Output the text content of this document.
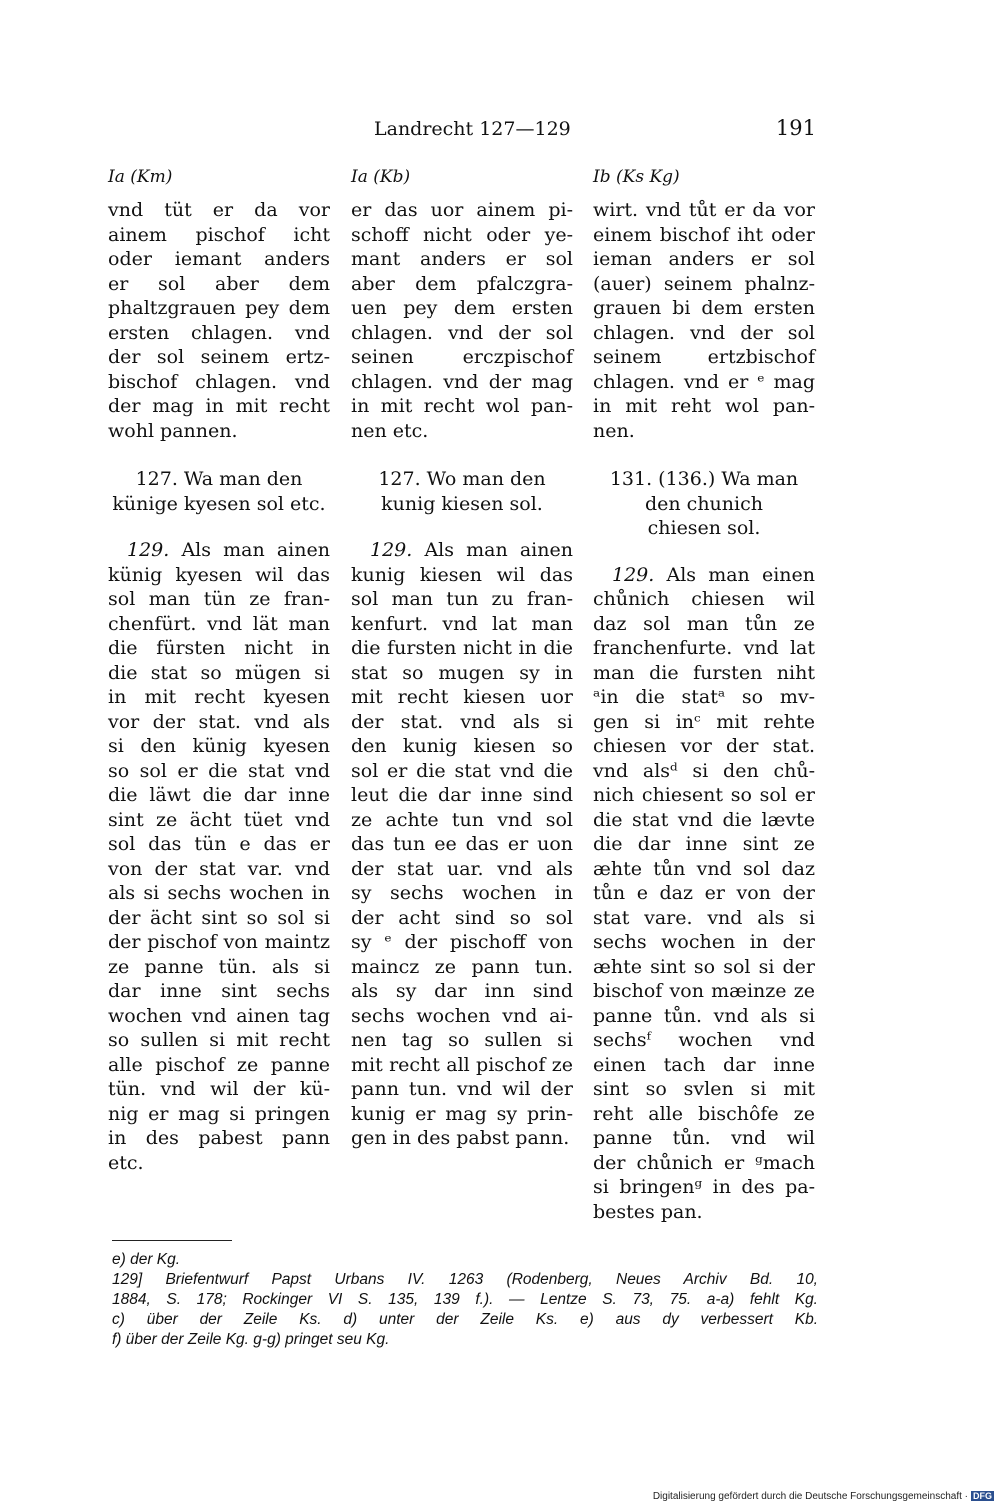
Landrecht 127—129	191
Ia (Km)
vnd tüt er da vor
ainem pischof icht
oder iemant anders
er sol aber dem
phaltzgrauen pey dem
ersten chlagen. vnd
der sol seinem ertz-
bischof chlagen. vnd
der mag in mit recht
wohl pannen.
127. Wa man den
künige kyesen sol etc.
 129. Als man ainen
künig kyesen wil das
sol man tün ze fran-
chenfürt. vnd lät man
die fürsten nicht in
die stat so mügen si
in mit recht kyesen
vor der stat. vnd als
si den künig kyesen
so sol er die stat vnd
die läwt die dar inne
sint ze ächt tüet vnd
sol das tün e das er
von der stat var. vnd
als si sechs wochen in
der ächt sint so sol si
der pischof von maintz
ze panne tün. als si
dar inne sint sechs
wochen vnd ainen tag
so sullen si mit recht
alle pischof ze panne
tün. vnd wil der kü-
nig er mag si pringen
in des pabest pann
etc.
Ia (Kb)
er das uor ainem pi-
schoff nicht oder ye-
mant anders er sol
aber dem pfalczgra-
uen pey dem ersten
chlagen. vnd der sol
seinen erczpischof
chlagen. vnd der mag
in mit recht wol pan-
nen etc.
127. Wo man den
kunig kiesen sol.
 129. Als man ainen
kunig kiesen wil das
sol man tun zu fran-
kenfurt. vnd lat man
die fursten nicht in die
stat so mugen sy in
mit recht kiesen uor
der stat. vnd als si
den kunig kiesen so
sol er die stat vnd die
leut die dar inne sind
ze achte tun vnd sol
das tun ee das er uon
der stat uar. vnd als
sy sechs wochen in
der acht sind so sol
sy ᵉ der pischoff von
maincz ze pann tun.
als sy dar inn sind
sechs wochen vnd ai-
nen tag so sullen si
mit recht all pischof ze
pann tun. vnd wil der
kunig er mag sy prin-
gen in des pabst pann.
Ib (Ks Kg)
wirt. vnd tůt er da vor
einem bischof iht oder
ieman anders er sol
(auer) seinem phalnz-
grauen bi dem ersten
chlagen. vnd der sol
seinem ertzbischof
chlagen. vnd er ᵉ mag
in mit reht wol pan-
nen.
131. (136.) Wa man
den chunich
chiesen sol.
 129. Als man einen
chůnich chiesen wil
daz sol man tůn ze
franchenfurte. vnd lat
man die fursten niht
ᵃin die statᵃ so mv-
gen si inᶜ mit rehte
chiesen vor der stat.
vnd alsᵈ si den chů-
nich chiesent so sol er
die stat vnd die lævte
die dar inne sint ze
æhte tůn vnd sol daz
tůn e daz er von der
stat vare. vnd als si
sechs wochen in der
æhte sint so sol si der
bischof von mæinze ze
panne tůn. vnd als si
sechsᶠ wochen vnd
einen tach dar inne
sint so svlen si mit
reht alle bischôfe ze
panne tůn. vnd wil
der chůnich er ᵍmach
si bringenᵍ in des pa-
bestes pan.
e) der Kg.
129] Briefentwurf Papst Urbans IV. 1263 (Rodenberg, Neues Archiv Bd. 10,
1884, S. 178; Rockinger VI S. 135, 139 f.). — Lentze S. 73, 75. a-a) fehlt Kg.
c) über der Zeile Ks. d) unter der Zeile Ks. e) aus dy verbessert Kb.
f) über der Zeile Kg. g-g) pringet seu Kg.
Digitalisierung gefördert durch die Deutsche Forschungsgemeinschaft · DFG
